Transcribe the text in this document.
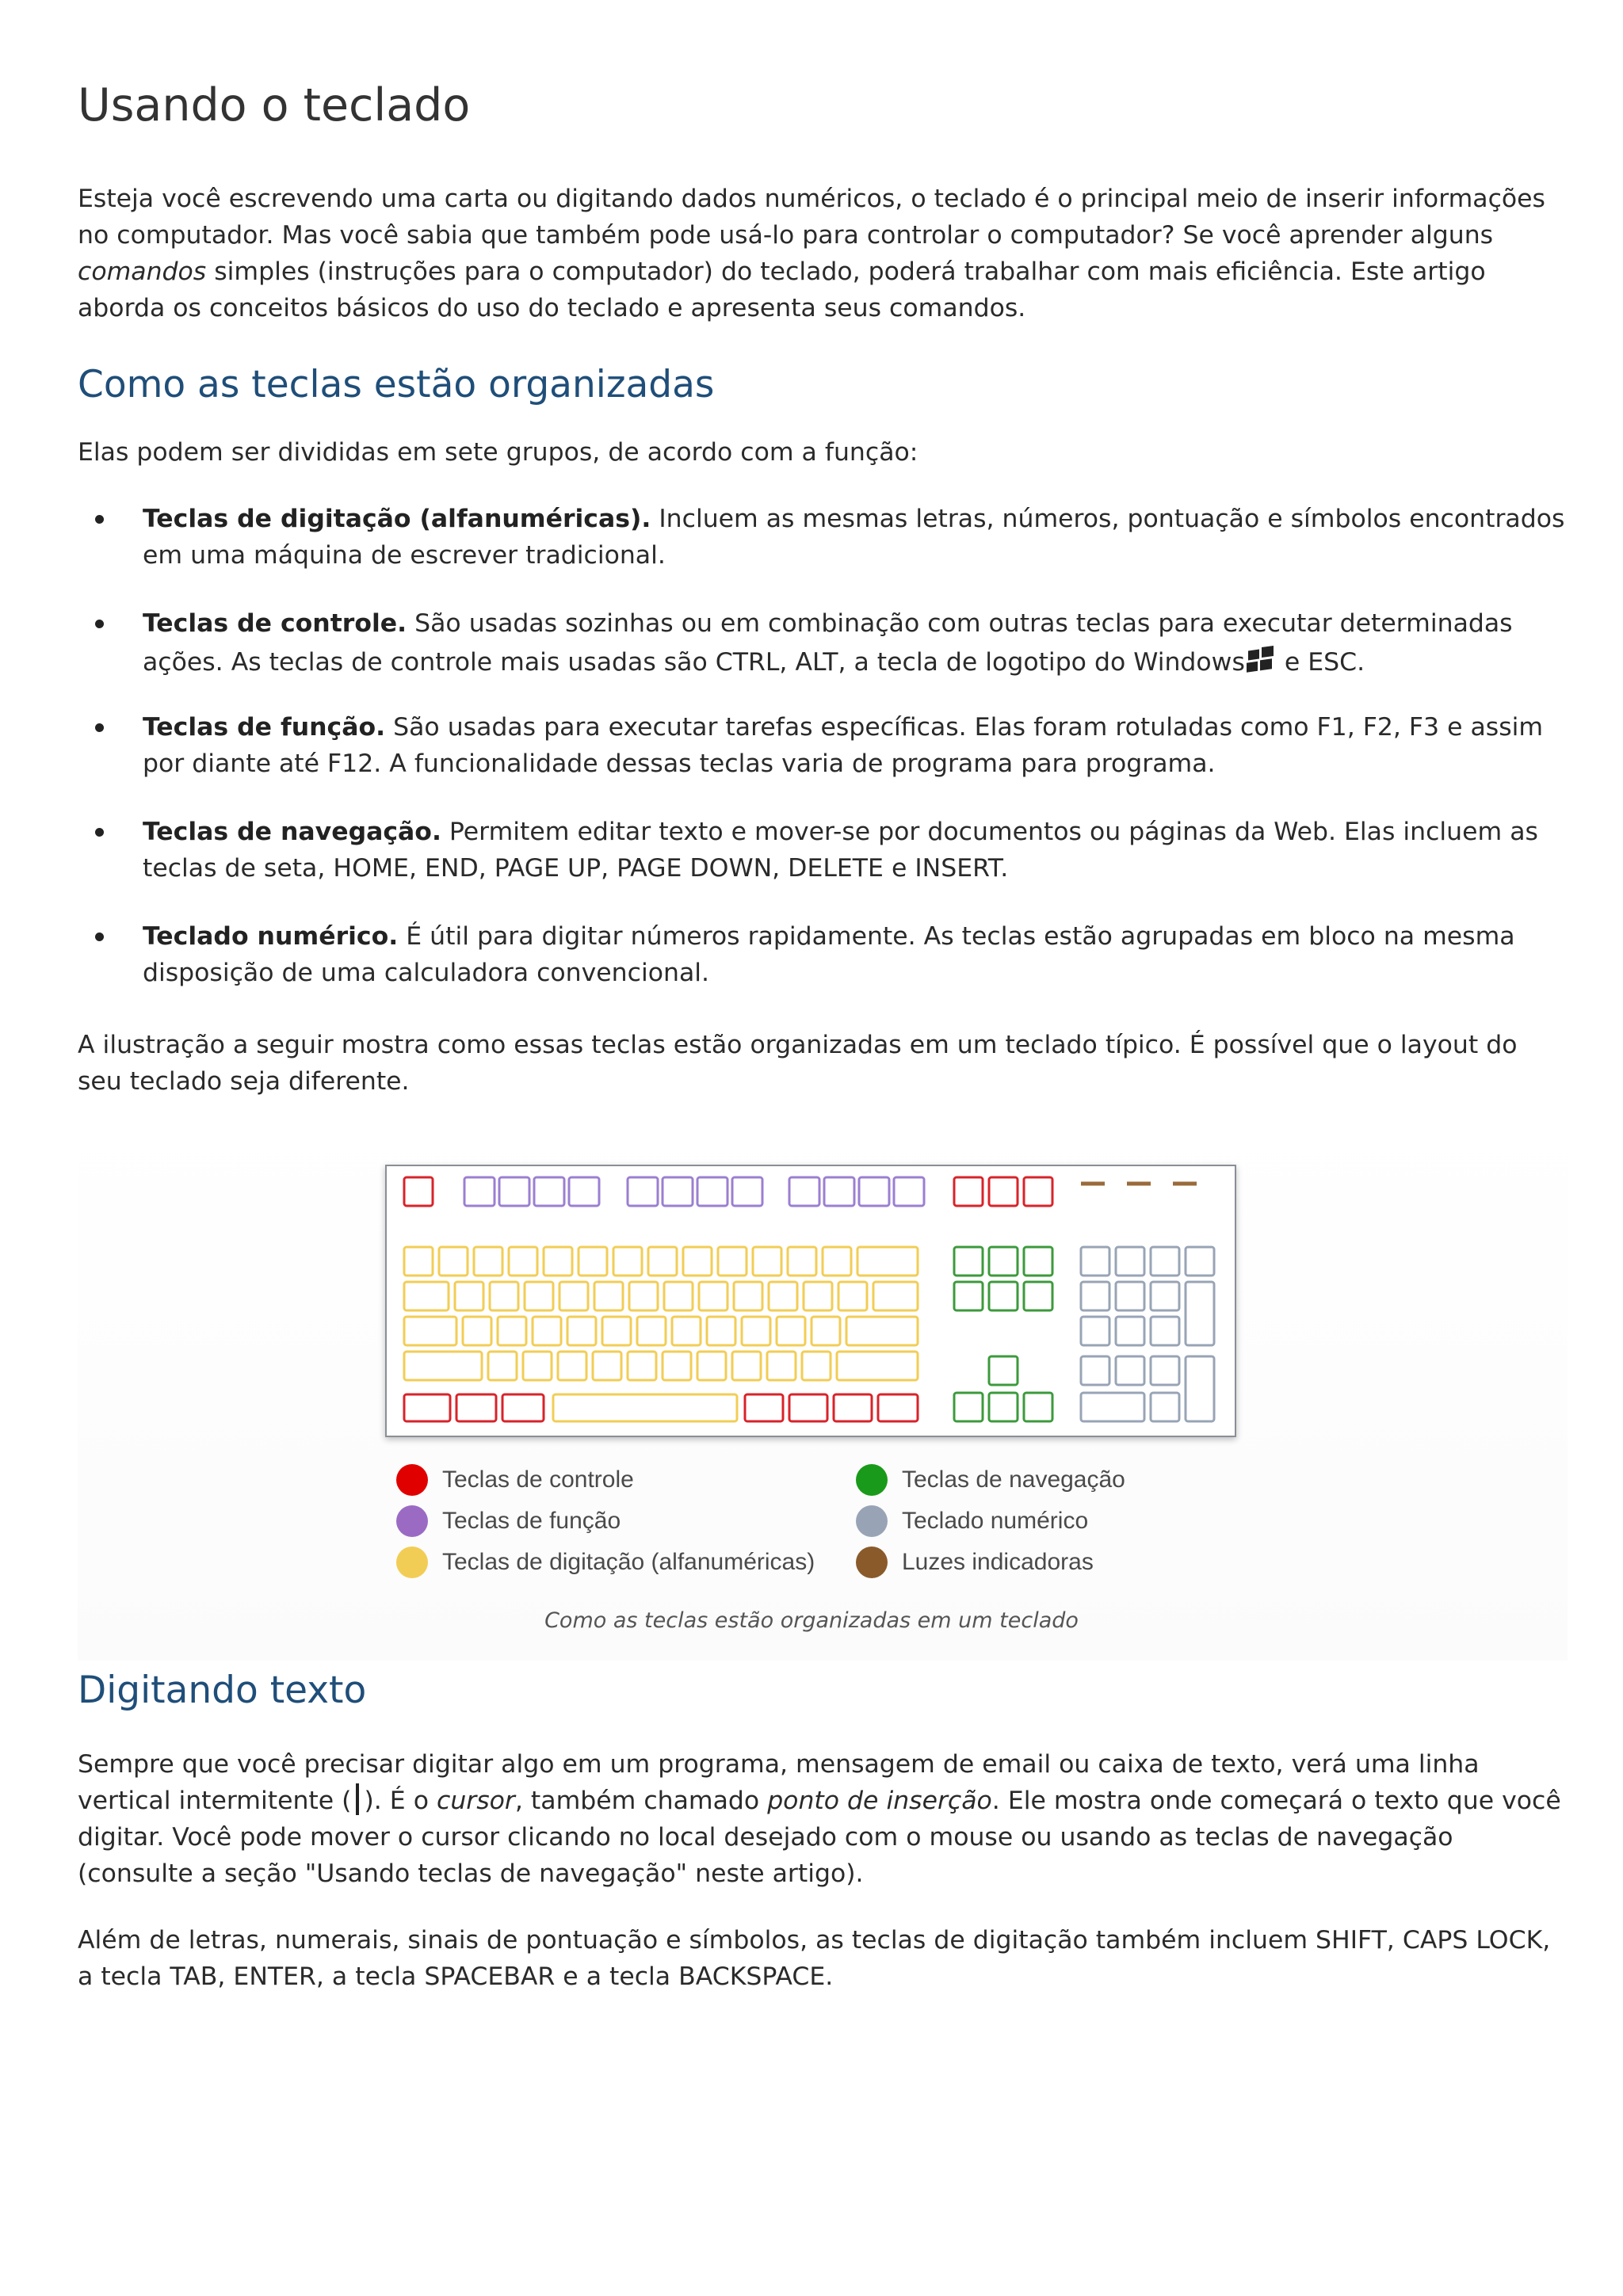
Usando o teclado

Esteja você escrevendo uma carta ou digitando dados numéricos, o teclado é o principal meio de inserir informações no computador. Mas você sabia que também pode usá-lo para controlar o computador? Se você aprender alguns comandos simples (instruções para o computador) do teclado, poderá trabalhar com mais eficiência. Este artigo aborda os conceitos básicos do uso do teclado e apresenta seus comandos.

Como as teclas estão organizadas

Elas podem ser divididas em sete grupos, de acordo com a função:

Teclas de digitação (alfanuméricas). Incluem as mesmas letras, números, pontuação e símbolos encontrados em uma máquina de escrever tradicional.
Teclas de controle. São usadas sozinhas ou em combinação com outras teclas para executar determinadas ações. As teclas de controle mais usadas são CTRL, ALT, a tecla de logotipo do Windows e ESC.
Teclas de função. São usadas para executar tarefas específicas. Elas foram rotuladas como F1, F2, F3 e assim por diante até F12. A funcionalidade dessas teclas varia de programa para programa.
Teclas de navegação. Permitem editar texto e mover-se por documentos ou páginas da Web. Elas incluem as teclas de seta, HOME, END, PAGE UP, PAGE DOWN, DELETE e INSERT.
Teclado numérico. É útil para digitar números rapidamente. As teclas estão agrupadas em bloco na mesma disposição de uma calculadora convencional.

A ilustração a seguir mostra como essas teclas estão organizadas em um teclado típico. É possível que o layout do seu teclado seja diferente.

Teclas de controle	Teclas de navegação
Teclas de função	Teclado numérico
Teclas de digitação (alfanuméricas)	Luzes indicadoras

Como as teclas estão organizadas em um teclado

Digitando texto

Sempre que você precisar digitar algo em um programa, mensagem de email ou caixa de texto, verá uma linha vertical intermitente ( ). É o cursor, também chamado ponto de inserção. Ele mostra onde começará o texto que você digitar. Você pode mover o cursor clicando no local desejado com o mouse ou usando as teclas de navegação (consulte a seção "Usando teclas de navegação" neste artigo).

Além de letras, numerais, sinais de pontuação e símbolos, as teclas de digitação também incluem SHIFT, CAPS LOCK, a tecla TAB, ENTER, a tecla SPACEBAR e a tecla BACKSPACE.
